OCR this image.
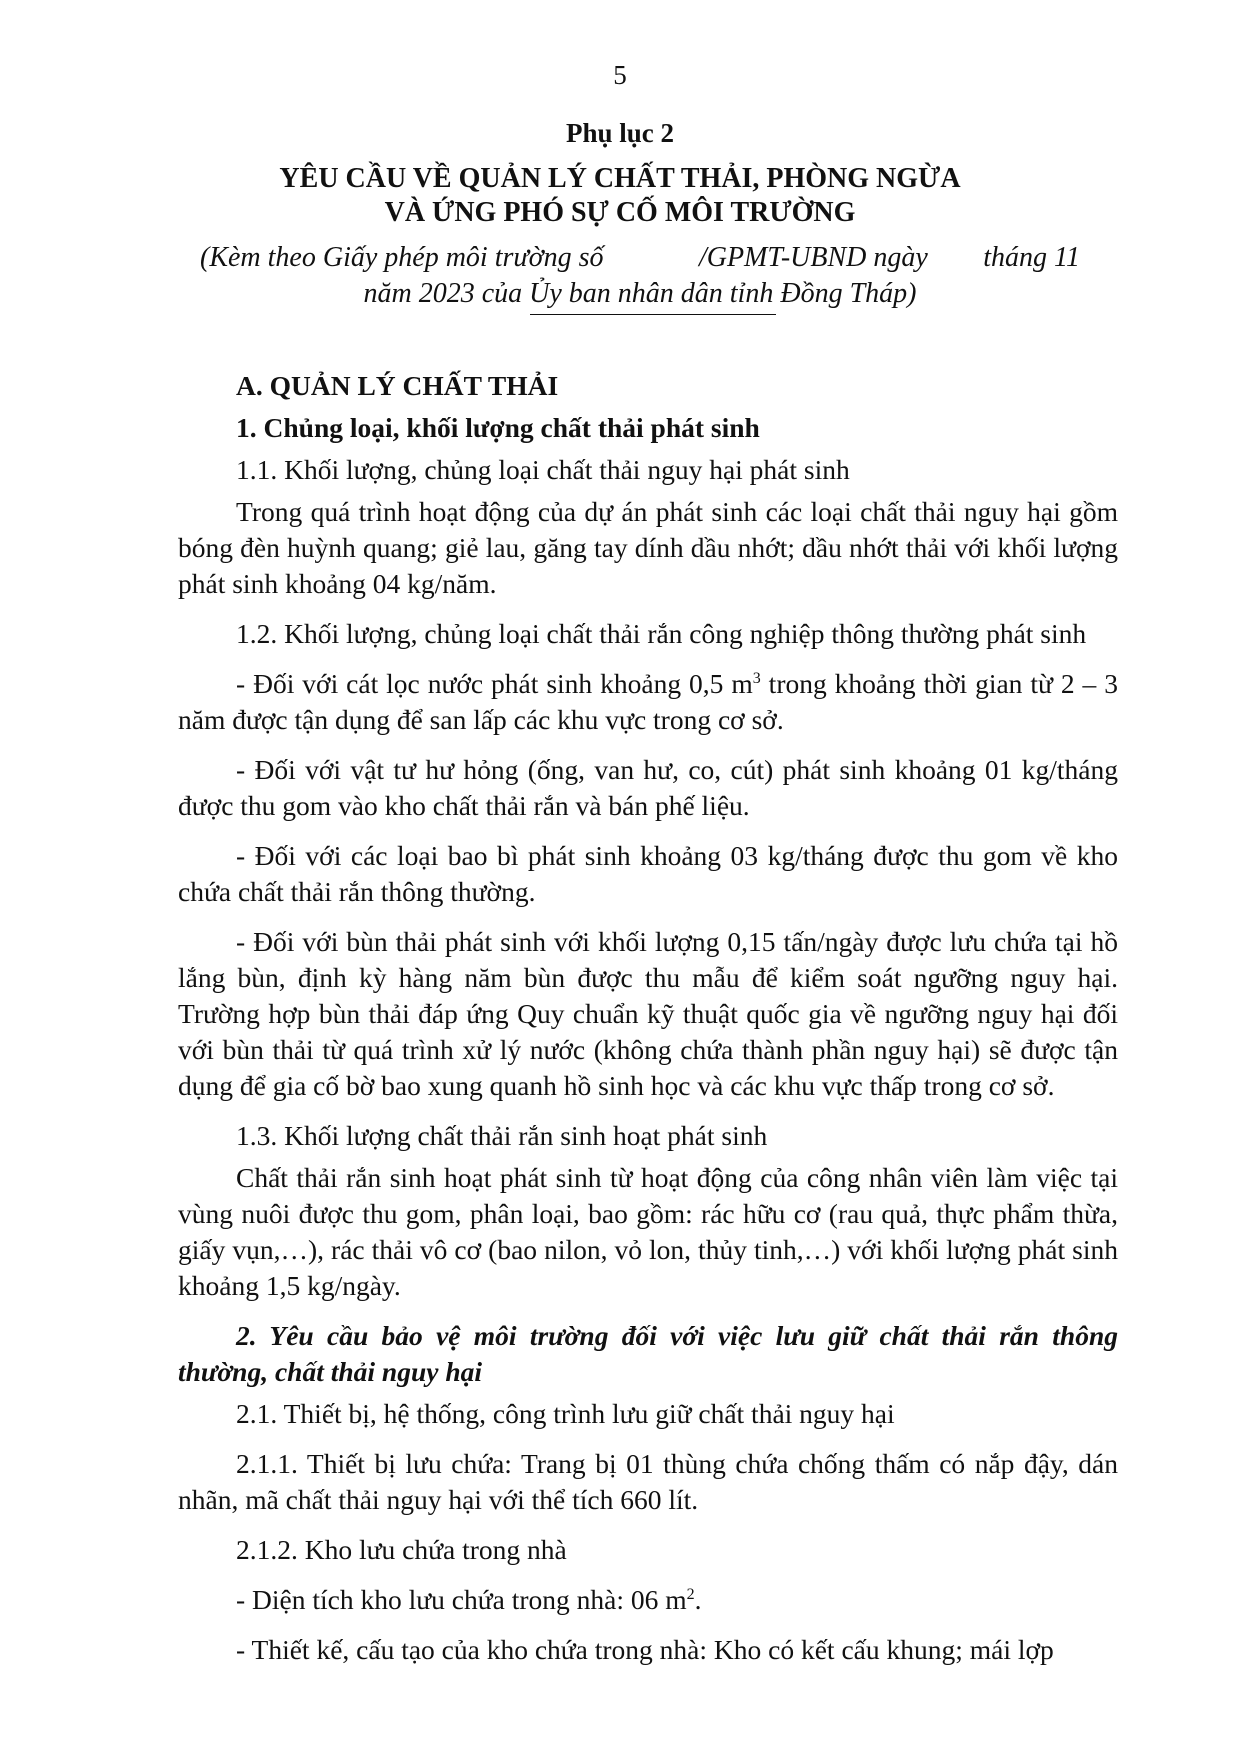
5
Phụ lục 2
YÊU CẦU VỀ QUẢN LÝ CHẤT THẢI, PHÒNG NGỪA
VÀ ỨNG PHÓ SỰ CỐ MÔI TRƯỜNG
(Kèm theo Giấy phép môi trường số	/GPMT-UBND ngày tháng 11
năm 2023 của Ủy ban nhân dân tỉnh Đồng Tháp)

A. QUẢN LÝ CHẤT THẢI

1. Chủng loại, khối lượng chất thải phát sinh

1.1. Khối lượng, chủng loại chất thải nguy hại phát sinh

Trong quá trình hoạt động của dự án phát sinh các loại chất thải nguy hại gồm bóng đèn huỳnh quang; giẻ lau, găng tay dính dầu nhớt; dầu nhớt thải với khối lượng phát sinh khoảng 04 kg/năm.

1.2. Khối lượng, chủng loại chất thải rắn công nghiệp thông thường phát sinh

- Đối với cát lọc nước phát sinh khoảng 0,5 $m^3$ trong khoảng thời gian từ 2 – 3 năm được tận dụng để san lấp các khu vực trong cơ sở.

- Đối với vật tư hư hỏng (ống, van hư, co, cút) phát sinh khoảng 01 kg/tháng được thu gom vào kho chất thải rắn và bán phế liệu.

- Đối với các loại bao bì phát sinh khoảng 03 kg/tháng được thu gom về kho chứa chất thải rắn thông thường.

- Đối với bùn thải phát sinh với khối lượng 0,15 tấn/ngày được lưu chứa tại hồ lắng bùn, định kỳ hàng năm bùn được thu mẫu để kiểm soát ngưỡng nguy hại. Trường hợp bùn thải đáp ứng Quy chuẩn kỹ thuật quốc gia về ngưỡng nguy hại đối với bùn thải từ quá trình xử lý nước (không chứa thành phần nguy hại) sẽ được tận dụng để gia cố bờ bao xung quanh hồ sinh học và các khu vực thấp trong cơ sở.

1.3. Khối lượng chất thải rắn sinh hoạt phát sinh

Chất thải rắn sinh hoạt phát sinh từ hoạt động của công nhân viên làm việc tại vùng nuôi được thu gom, phân loại, bao gồm: rác hữu cơ (rau quả, thực phẩm thừa, giấy vụn,…), rác thải vô cơ (bao nilon, vỏ lon, thủy tinh,…) với khối lượng phát sinh khoảng 1,5 kg/ngày.

2. Yêu cầu bảo vệ môi trường đối với việc lưu giữ chất thải rắn thông thường, chất thải nguy hại

2.1. Thiết bị, hệ thống, công trình lưu giữ chất thải nguy hại

2.1.1. Thiết bị lưu chứa: Trang bị 01 thùng chứa chống thấm có nắp đậy, dán nhãn, mã chất thải nguy hại với thể tích 660 lít.

2.1.2. Kho lưu chứa trong nhà

- Diện tích kho lưu chứa trong nhà: 06 $m^2$.

- Thiết kế, cấu tạo của kho chứa trong nhà: Kho có kết cấu khung; mái lợp
